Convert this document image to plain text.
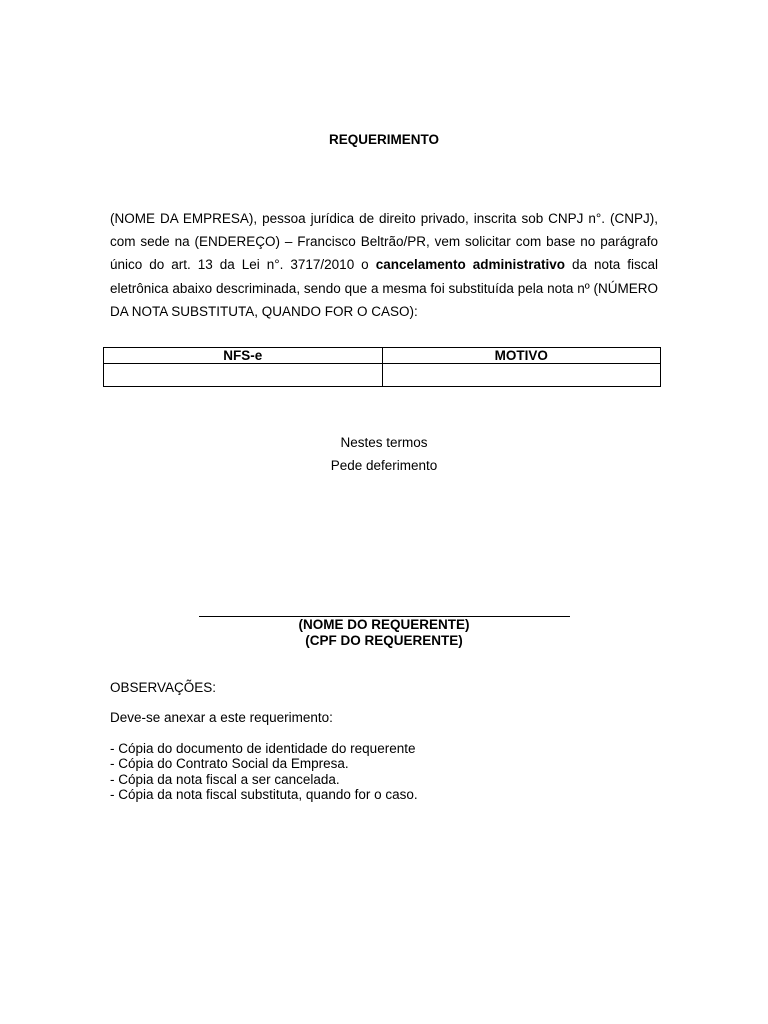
REQUERIMENTO

(NOME DA EMPRESA), pessoa jurídica de direito privado, inscrita sob CNPJ n°. (CNPJ), com sede na (ENDEREÇO) – Francisco Beltrão/PR, vem solicitar com base no parágrafo único do art. 13 da Lei n°. 3717/2010 o cancelamento administrativo da nota fiscal eletrônica abaixo descriminada, sendo que a mesma foi substituída pela nota nº (NÚMERO DA NOTA SUBSTITUTA, QUANDO FOR O CASO):

NFS-e	MOTIVO

Nestes termos
Pede deferimento
(NOME DO REQUERENTE)
(CPF DO REQUERENTE)
OBSERVAÇÕES:
Deve-se anexar a este requerimento:
- Cópia do documento de identidade do requerente
- Cópia do Contrato Social da Empresa.
- Cópia da nota fiscal a ser cancelada.
- Cópia da nota fiscal substituta, quando for o caso.
